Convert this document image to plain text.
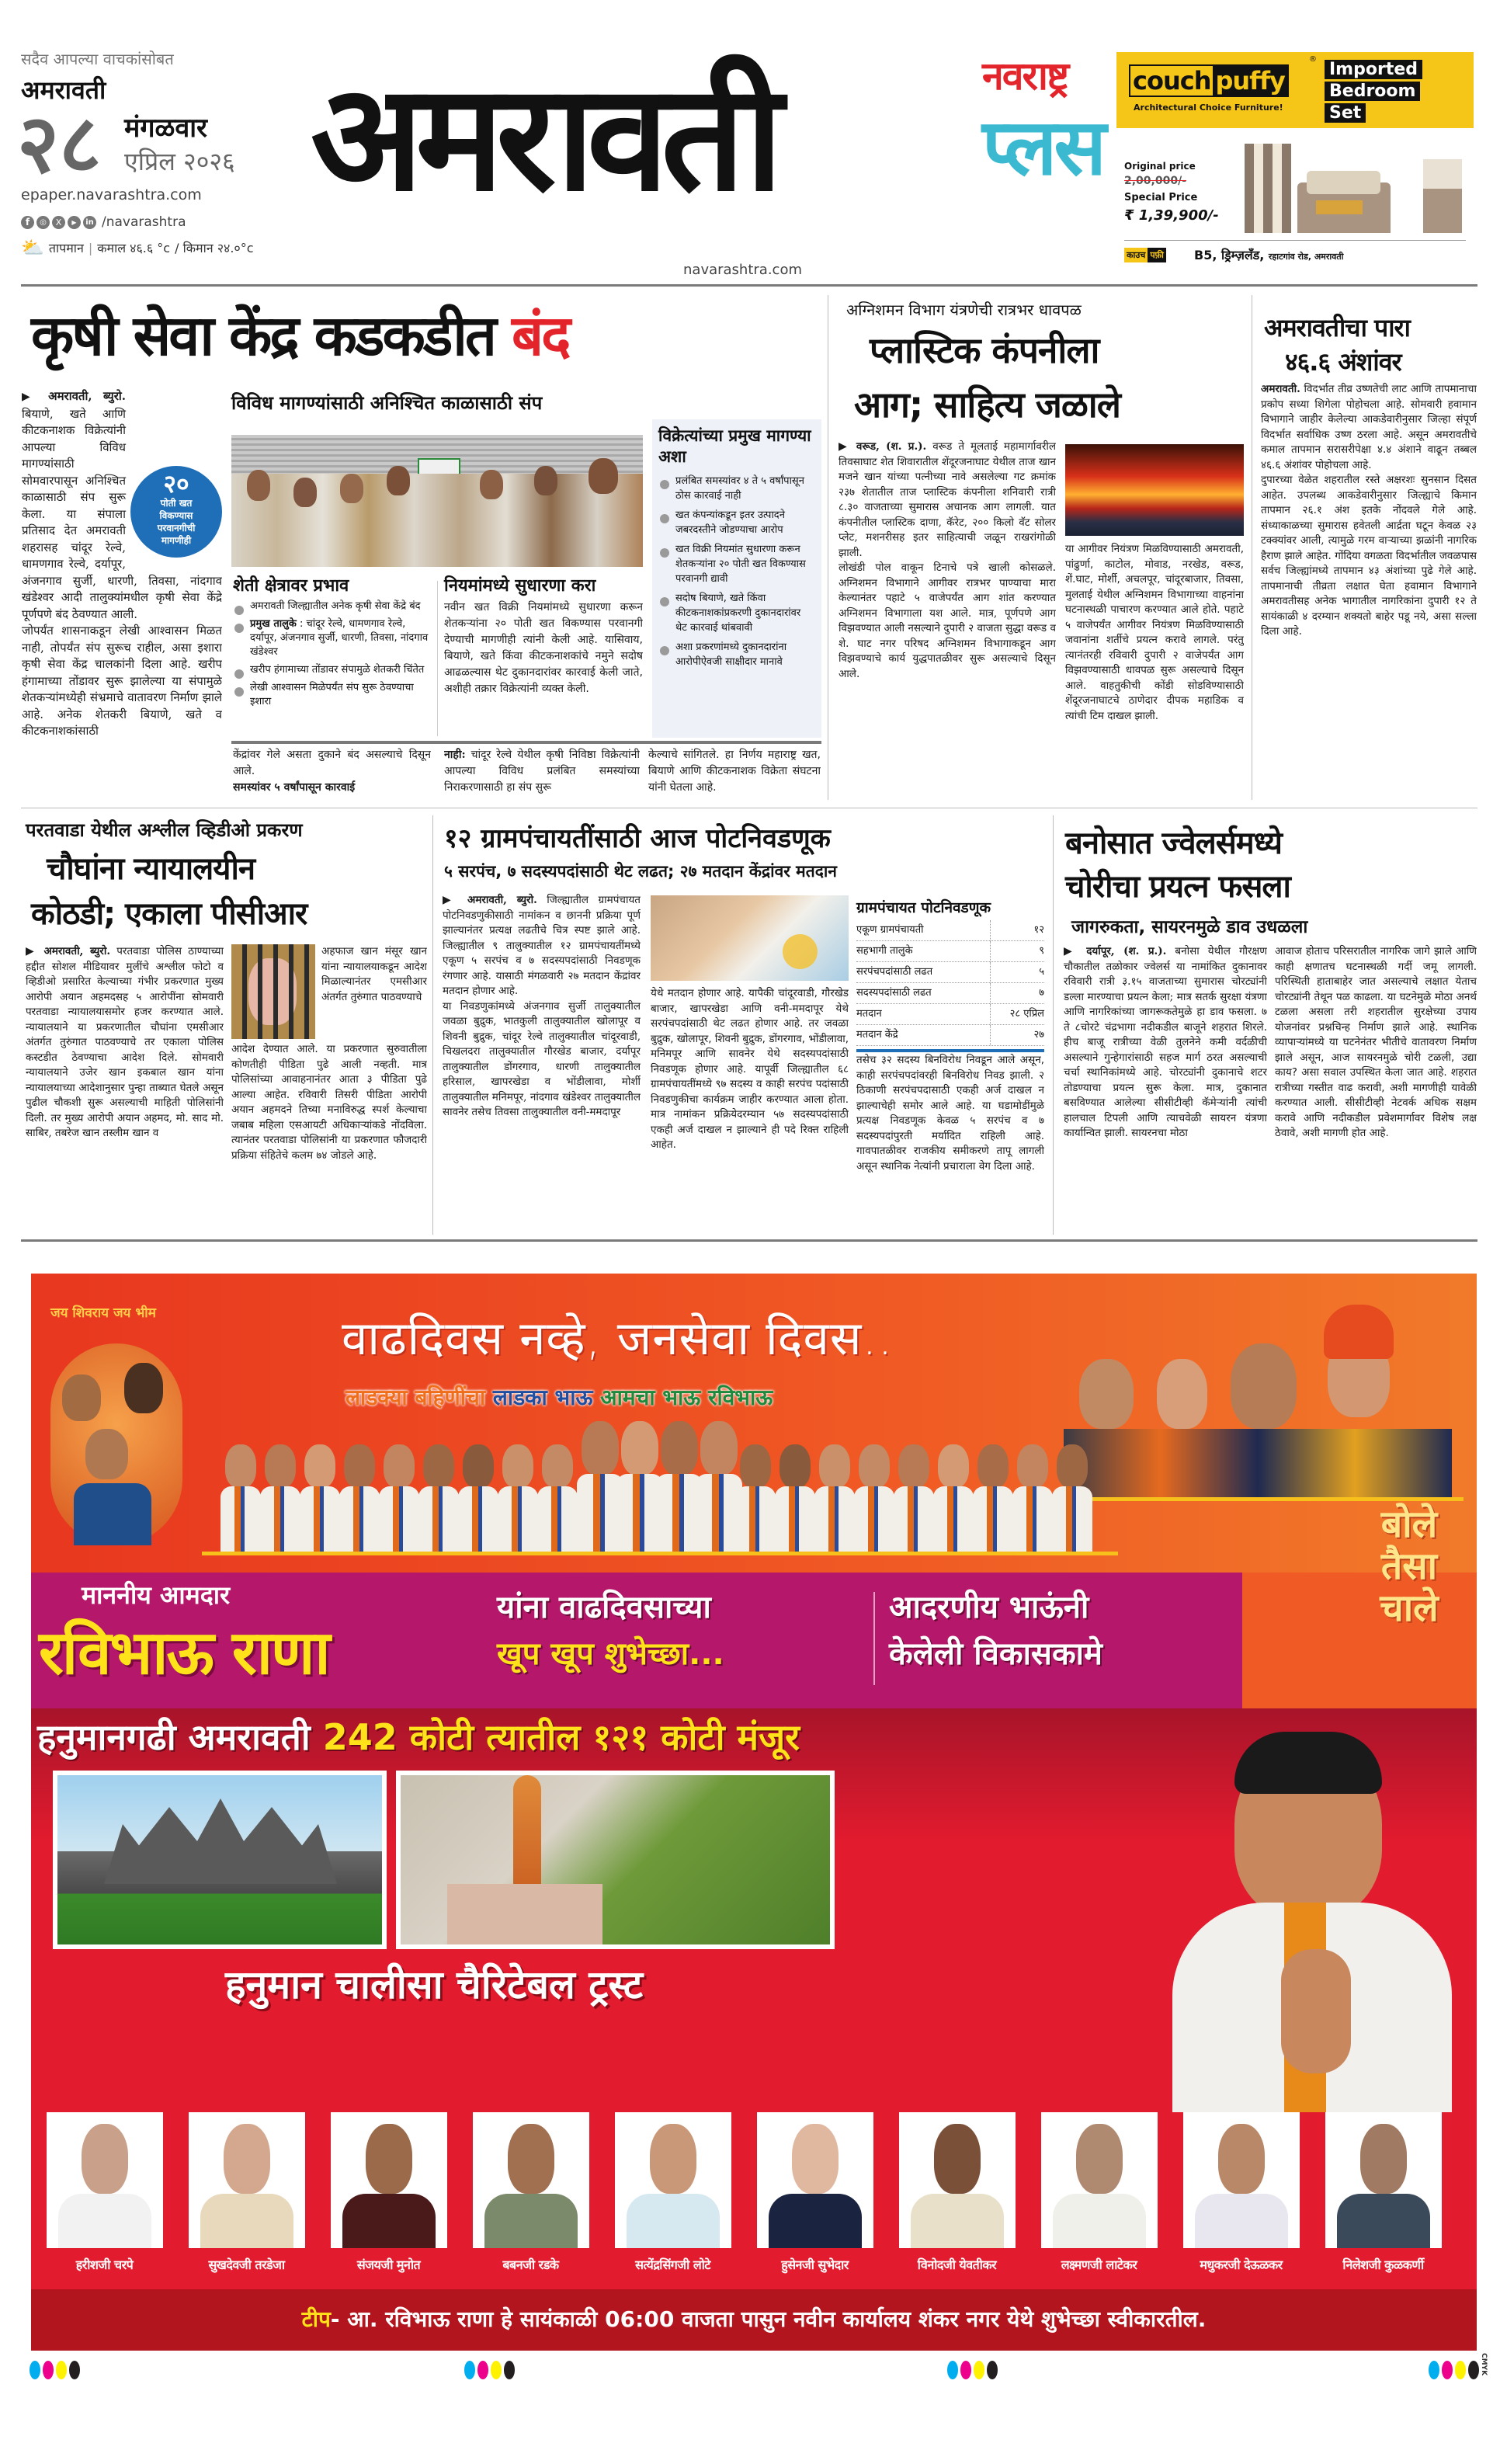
सदैव आपल्या वाचकांसोबत
अमरावती
२८ मंगळवार
एप्रिल २०२६
epaper.navarashtra.com
f	◎	X	▶	in /navarashtra
⛅ तापमान | कमाल ४६.६ °c / किमान २४.०°c
अमरावती	नवराष्ट्र
प्लस
navarashtra.com
couch puffy
®
Architectural Choice Furniture!
Imported
Bedroom
Set
Original price
2,00,000/-
Special Price
₹ 1,39,900/-
काउच पफ़ी B5, ड्रिम्ज़लँड, रहाटगांव रोड, अमरावती
कृषी सेवा केंद्र कडकडीत बंद
२०
पोती खत
विकण्यास
परवानगीची
मागणीही

▶ अमरावती, ब्युरो. बियाणे, खते आणि कीटकनाशक विक्रेत्यांनी आपल्या विविध मागण्यांसाठी सोमवारपासून अनिश्चित काळासाठी संप सुरू केला. या संपाला प्रतिसाद देत अमरावती शहरासह चांदूर रेल्वे, धामणगाव रेल्वे, दर्यापूर, अंजनगाव सुर्जी, धारणी, तिवसा, नांदगाव खंडेश्वर आदी तालुक्यांमधील कृषी सेवा केंद्रे पूर्णपणे बंद ठेवण्यात आली.

जोपर्यंत शासनाकडून लेखी आश्वासन मिळत नाही, तोपर्यंत संप सुरूच राहील, असा इशारा कृषी सेवा केंद्र चालकांनी दिला आहे. खरीप हंगामाच्या तोंडावर सुरू झालेल्या या संपामुळे शेतकऱ्यांमध्येही संभ्रमाचे वातावरण निर्माण झाले आहे. अनेक शेतकरी बियाणे, खते व कीटकनाशकांसाठी

विविध मागण्यांसाठी अनिश्चित काळासाठी संप
शेती क्षेत्रावर प्रभाव
अमरावती जिल्ह्यातील अनेक कृषी सेवा केंद्रे बंद
प्रमुख तालुके : चांदूर रेल्वे, धामणगाव रेल्वे, दर्यापूर, अंजनगाव सुर्जी, धारणी, तिवसा, नांदगाव खंडेश्वर
खरीप हंगामाच्या तोंडावर संपामुळे शेतकरी चिंतेत
लेखी आश्वासन मिळेपर्यंत संप सुरू ठेवण्याचा इशारा
नियमांमध्ये सुधारणा करा
नवीन खत विक्री नियमांमध्ये सुधारणा करून शेतकऱ्यांना २० पोती खत विकण्यास परवानगी देण्याची मागणीही त्यांनी केली आहे. यासिवाय, बियाणे, खते किंवा कीटकनाशकांचे नमुने सदोष आढळल्यास थेट दुकानदारांवर कारवाई केली जाते, अशीही तक्रार विक्रेत्यांनी व्यक्त केली.
विक्रेत्यांच्या प्रमुख मागण्या अशा
प्रलंबित समस्यांवर ४ ते ५ वर्षांपासून ठोस कारवाई नाही
खत कंपन्यांकडून इतर उत्पादने जबरदस्तीने जोडण्याचा आरोप
खत विक्री नियमांत सुधारणा करून शेतकऱ्यांना २० पोती खत विकण्यास परवानगी द्यावी
सदोष बियाणे, खते किंवा कीटकनाशकांप्रकरणी दुकानदारांवर थेट कारवाई थांबवावी
अशा प्रकरणांमध्ये दुकानदारांना आरोपीऐवजी साक्षीदार मानावे

केंद्रांवर गेले असता दुकाने बंद असल्याचे दिसून आले.

समस्यांवर ५ वर्षांपासून कारवाई

नाही: चांदूर रेल्वे येथील कृषी निविष्ठा विक्रेत्यांनी आपल्या विविध प्रलंबित समस्यांच्या निराकरणासाठी हा संप सुरू

केल्याचे सांगितले. हा निर्णय महाराष्ट्र खत, बियाणे आणि कीटकनाशक विक्रेता संघटना यांनी घेतला आहे.
अग्निशमन विभाग यंत्रणेची रात्रभर धावपळ
प्लास्टिक कंपनीला
आग; साहित्य जळाले

▶ वरूड, (श. प्र.). वरूड ते मूलताई महामार्गावरील तिवसाघाट शेत शिवारातील शेंदूरजनाघाट येथील ताज खान मजने खान यांच्या पत्नीच्या नावे असलेल्या गट क्रमांक २३७ शेतातील ताज प्लास्टिक कंपनीला शनिवारी रात्री ८.३० वाजताच्या सुमारास अचानक आग लागली. यात कंपनीतील प्लास्टिक दाणा, कॅरेट, २०० किलो वॅट सोलर प्लेट, मशनरीसह इतर साहित्याची जळून राखरांगोळी झाली.

लोखंडी पोल वाकून टिनाचे पत्रे खाली कोसळले. अग्निशमन विभागाने आगीवर रात्रभर पाण्याचा मारा केल्यानंतर पहाटे ५ वाजेपर्यंत आग शांत करण्यात अग्निशमन विभागाला यश आले. मात्र, पूर्णपणे आग विझवण्यात आली नसल्याने दुपारी २ वाजता सुद्धा वरूड व शे. घाट नगर परिषद अग्निशमन विभागाकडून आग विझवण्याचे कार्य युद्धपातळीवर सुरू असल्याचे दिसून आले.

या आगीवर नियंत्रण मिळविण्यासाठी अमरावती, पांढुर्णा, काटोल, मोवाड, नरखेड, वरूड, शें.घाट, मोर्शी, अचलपूर, चांदूरबाजार, तिवसा, मुलताई येथील अग्निशमन विभागाच्या वाहनांना घटनास्थळी पाचारण करण्यात आले होते. पहाटे ५ वाजेपर्यंत आगीवर नियंत्रण मिळविण्यासाठी जवानांना शर्तीचे प्रयत्न करावे लागले. परंतु त्यानंतरही रविवारी दुपारी २ वाजेपर्यंत आग विझवण्यासाठी धावपळ सुरू असल्याचे दिसून आले. वाहतुकीची कोंडी सोडविण्यासाठी शेंदूरजनाघाटचे ठाणेदार दीपक महाडिक व त्यांची टिम दाखल झाली.
अमरावतीचा पारा
४६.६ अंशांवर

अमरावती. विदर्भात तीव्र उष्णतेची लाट आणि तापमानाचा प्रकोप सध्या शिगेला पोहोचला आहे. सोमवारी हवामान विभागाने जाहीर केलेल्या आकडेवारीनुसार जिल्हा संपूर्ण विदर्भात सर्वाधिक उष्ण ठरला आहे. असून अमरावतीचे कमाल तापमान सरासरीपेक्षा ४.४ अंशाने वाढून तब्बल ४६.६ अंशांवर पोहोचला आहे.

दुपारच्या वेळेत शहरातील रस्ते अक्षरशः सुनसान दिसत आहेत. उपलब्ध आकडेवारीनुसार जिल्ह्याचे किमान तापमान २६.१ अंश इतके नोंदवले गेले आहे. संध्याकाळच्या सुमारास हवेतली आर्द्रता घटून केवळ २३ टक्क्यांवर आली, त्यामुळे गरम वाऱ्याच्या झळांनी नागरिक हैराण झाले आहेत. गोंदिया वगळता विदर्भातील जवळपास सर्वच जिल्ह्यांमध्ये तापमान ४३ अंशांच्या पुढे गेले आहे. तापमानाची तीव्रता लक्षात घेता हवामान विभागाने अमरावतीसह अनेक भागातील नागरिकांना दुपारी १२ ते सायंकाळी ४ दरम्यान शक्यतो बाहेर पडू नये, असा सल्ला दिला आहे.

परतवाडा येथील अश्लील व्हिडीओ प्रकरण
चौघांना न्यायालयीन
कोठडी; एकाला पीसीआर

▶ अमरावती, ब्युरो. परतवाडा पोलिस ठाण्याच्या हद्दीत सोशल मीडियावर मुलींचे अश्लील फोटो व व्हिडीओ प्रसारित केल्याच्या गंभीर प्रकरणात मुख्य आरोपी अयान अहमदसह ५ आरोपींना सोमवारी परतवाडा न्यायालयासमोर हजर करण्यात आले. न्यायालयाने या प्रकरणातील चौघांना एमसीआर अंतर्गत तुरुंगात पाठवण्याचे तर एकाला पोलिस कस्टडीत ठेवण्याचा आदेश दिले. सोमवारी न्यायालयाने उजेर खान इकबाल खान यांना न्यायालयाच्या आदेशानुसार पुन्हा ताब्यात घेतले असून पुढील चौकशी सुरू असल्याची माहिती पोलिसांनी दिली. तर मुख्य आरोपी अयान अहमद, मो. साद मो. साबिर, तबरेज खान तस्लीम खान व

अहफाज खान मंसूर खान यांना न्यायालयाकडून आदेश मिळाल्यानंतर एमसीआर अंतर्गत तुरुंगात पाठवण्याचे

आदेश देण्यात आले. या प्रकरणात सुरुवातीला कोणतीही पीडिता पुढे आली नव्हती. मात्र पोलिसांच्या आवाहनानंतर आता ३ पीडिता पुढे आल्या आहेत. रविवारी तिसरी पीडिता आरोपी अयान अहमदने तिच्या मनाविरुद्ध स्पर्श केल्याचा जबाब महिला एसआयटी अधिकाऱ्यांकडे नोंदविला. त्यानंतर परतवाडा पोलिसांनी या प्रकरणात फौजदारी प्रक्रिया संहितेचे कलम ७४ जोडले आहे.

१२ ग्रामपंचायतींसाठी आज पोटनिवडणूक
५ सरपंच, ७ सदस्यपदांसाठी थेट लढत; २७ मतदान केंद्रांवर मतदान

▶ अमरावती, ब्युरो. जिल्ह्यातील ग्रामपंचायत पोटनिवडणुकीसाठी नामांकन व छाननी प्रक्रिया पूर्ण झाल्यानंतर प्रत्यक्ष लढतीचे चित्र स्पष्ट झाले आहे. जिल्ह्यातील ९ तालुक्यातील १२ ग्रामपंचायतींमध्ये एकूण ५ सरपंच व ७ सदस्यपदांसाठी निवडणूक रंगणार आहे. यासाठी मंगळवारी २७ मतदान केंद्रांवर मतदान होणार आहे.

या निवडणुकांमध्ये अंजनगाव सुर्जी तालुक्यातील जवळा बुद्रुक, भातकुली तालुक्यातील खोलापूर व शिवनी बुद्रुक, चांदूर रेल्वे तालुक्यातील चांदूरवाडी, चिखलदरा तालुक्यातील गौरखेड बाजार, दर्यापूर तालुक्यातील डोंगरगाव, धारणी तालुक्यातील हरिसाल, खापरखेडा व भोंडीलावा, मोर्शी तालुक्यातील मनिमपूर, नांदगाव खंडेश्वर तालुक्यातील सावनेर तसेच तिवसा तालुक्यातील वनी-ममदापूर

येथे मतदान होणार आहे. यापैकी चांदूरवाडी, गौरखेड बाजार, खापरखेडा आणि वनी-ममदापूर येथे सरपंचपदांसाठी थेट लढत होणार आहे. तर जवळा बुद्रुक, खोलापूर, शिवनी बुद्रुक, डोंगरगाव, भोंडीलावा, मनिमपूर आणि सावनेर येथे सदस्यपदांसाठी निवडणूक होणार आहे. यापूर्वी जिल्ह्यातील ६८ ग्रामपंचायतींमध्ये ९७ सदस्य व काही सरपंच पदांसाठी निवडणुकीचा कार्यक्रम जाहीर करण्यात आला होता. मात्र नामांकन प्रक्रियेदरम्यान ५७ सदस्यपदांसाठी एकही अर्ज दाखल न झाल्याने ही पदे रिक्त राहिली आहेत.
ग्रामपंचायत पोटनिवडणूक
एकूण ग्रामपंचायती	१२
सहभागी तालुके	९
सरपंचपदांसाठी लढत	५
सदस्यपदांसाठी लढत	७
मतदान	२८ एप्रिल
मतदान केंद्रे	२७
तसेच ३२ सदस्य बिनविरोध निवडून आले असून, काही सरपंचपदांवरही बिनविरोध निवड झाली. २ ठिकाणी सरपंचपदासाठी एकही अर्ज दाखल न झाल्याचेही समोर आले आहे. या घडामोडींमुळे प्रत्यक्ष निवडणूक केवळ ५ सरपंच व ७ सदस्यपदांपुरती मर्यादित राहिली आहे. गावपातळीवर राजकीय समीकरणे तापू लागली असून स्थानिक नेत्यांनी प्रचाराला वेग दिला आहे.
बनोसात ज्वेलर्समध्ये
चोरीचा प्रयत्न फसला
जागरुकता, सायरनमुळे डाव उधळला

▶ दर्यापूर, (श. प्र.). बनोसा येथील गौरक्षण चौकातील तळोकार ज्वेलर्स या नामांकित दुकानावर रविवारी रात्री ३.१५ वाजताच्या सुमारास चोरट्यांनी डल्ला मारण्याचा प्रयत्न केला; मात्र सतर्क सुरक्षा यंत्रणा आणि नागरिकांच्या जागरूकतेमुळे हा डाव फसला. ७ ते ८चोरटे चंद्रभागा नदीकडील बाजूने शहरात शिरले. हीच बाजू रात्रीच्या वेळी तुलनेने कमी वर्दळीची असल्याने गुन्हेगारांसाठी सहज मार्ग ठरत असल्याची चर्चा स्थानिकांमध्ये आहे. चोरट्यांनी दुकानाचे शटर तोडण्याचा प्रयत्न सुरू केला. मात्र, दुकानात बसविण्यात आलेल्या सीसीटीव्ही कॅमेऱ्यांनी त्यांची हालचाल टिपली आणि त्याचवेळी सायरन यंत्रणा कार्यान्वित झाली. सायरनचा मोठा

आवाज होताच परिसरातील नागरिक जागे झाले आणि काही क्षणातच घटनास्थळी गर्दी जमू लागली. परिस्थिती हाताबाहेर जात असल्याचे लक्षात येताच चोरट्यांनी तेथून पळ काढला. या घटनेमुळे मोठा अनर्थ टळला असला तरी शहरातील सुरक्षेच्या उपाय योजनांवर प्रश्नचिन्ह निर्माण झाले आहे. स्थानिक व्यापाऱ्यांमध्ये या घटनेनंतर भीतीचे वातावरण निर्माण झाले असून, आज सायरनमुळे चोरी टळली, उद्या काय? असा सवाल उपस्थित केला जात आहे. शहरात रात्रीच्या गस्तीत वाढ करावी, अशी मागणीही यावेळी करण्यात आली. सीसीटीव्ही नेटवर्क अधिक सक्षम करावे आणि नदीकडील प्रवेशमार्गावर विशेष लक्ष ठेवावे, अशी मागणी होत आहे.
जय शिवराय जय भीम	वाढदिवस नव्हे, जनसेवा दिवस..
लाडक्या बहिणींचा लाडका भाऊ आमचा भाऊ रविभाऊ
माननीय आमदार
रविभाऊ राणा
यांना वाढदिवसाच्या
खूप खूप शुभेच्छा...
आदरणीय भाऊंनी
केलेली विकासकामे
हनुमानगढी अमरावती 242 कोटी त्यातील १२१ कोटी मंजूर
हनुमान चालीसा चैरिटेबल ट्रस्ट
बोले
तैसा
चाले
हरीशजी चरपे	सुखदेवजी तरडेजा	संजयजी मुनोत	बबनजी रडके	सत्येंद्रसिंगजी लोटे	हुसेनजी सुभेदार	विनोदजी येवतीकर	लक्ष्मणजी लाटेकर	मधुकरजी देऊळकर	निलेशजी कुळकर्णी
टीप - आ. रविभाऊ राणा हे सायंकाळी 06:00 वाजता पासुन नवीन कार्यालय शंकर नगर येथे शुभेच्छा स्वीकारतील.
CMYK
